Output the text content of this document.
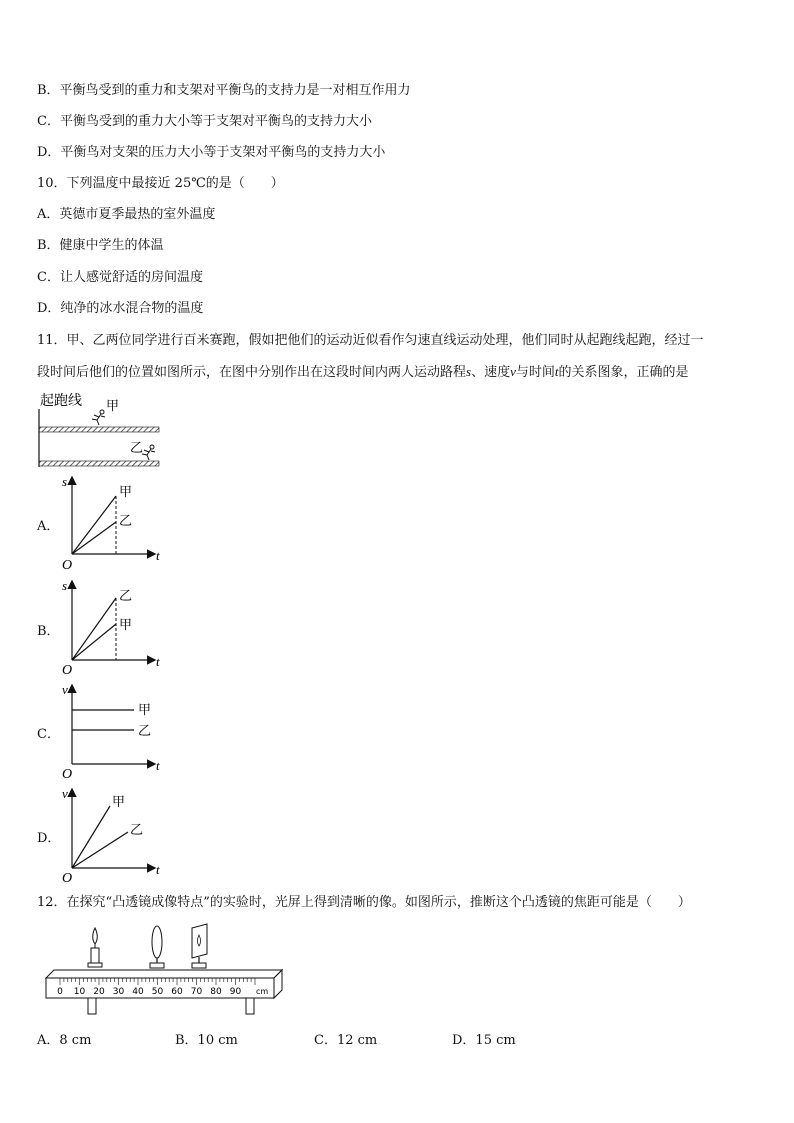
B．平衡鸟受到的重力和支架对平衡鸟的支持力是一对相互作用力
C．平衡鸟受到的重力大小等于支架对平衡鸟的支持力大小
D．平衡鸟对支架的压力大小等于支架对平衡鸟的支持力大小
10．下列温度中最接近 25℃的是（　　）
A．英德市夏季最热的室外温度
B．健康中学生的体温
C．让人感觉舒适的房间温度
D．纯净的冰水混合物的温度
11．甲、乙两位同学进行百米赛跑，假如把他们的运动近似看作匀速直线运动处理，他们同时从起跑线起跑，经过一
段时间后他们的位置如图所示，在图中分别作出在这段时间内两人运动路程s、速度v与时间t的关系图象，正确的是
起跑线 甲
乙
A．
s
t
O
甲
乙
B．
s
t
O
乙
甲
C．
v
t
O
甲
乙
D．
v
t
O
甲
乙
12．在探究“凸透镜成像特点”的实验时，光屏上得到清晰的像。如图所示，推断这个凸透镜的焦距可能是（　　）
0 10 20 30 40 50 60 70 80 90 cm
A．8 cm	B．10 cm	C．12 cm	D．15 cm
